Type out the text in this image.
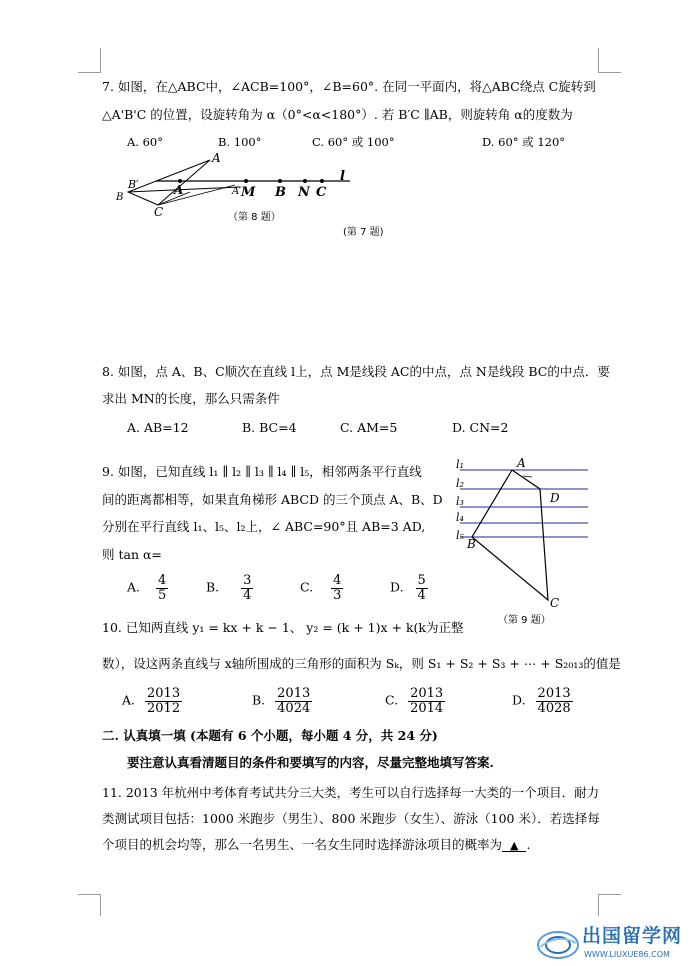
7. 如图，在△ABC中，∠ACB=100°，∠B=60°. 在同一平面内，将△ABC绕点 C旋转到
△A'B'C 的位置，设旋转角为 α（0°<α<180°）. 若 B′C ∥AB，则旋转角 α的度数为
A. 60°	B. 100°	C. 60° 或 100°	D. 60° 或 120°
A
B′
B
C
A	A′ M B N C
l
（第 8 题）
(第 7 题)
8. 如图，点 A、B、C顺次在直线 l上，点 M是线段 AC的中点，点 N是线段 BC的中点．要
求出 MN的长度，那么只需条件
A. AB=12	B. BC=4	C. AM=5	D. CN=2
9. 如图，已知直线 l₁ ∥ l₂ ∥ l₃ ∥ l₄ ∥ l₅，相邻两条平行直线
间的距离都相等，如果直角梯形 ABCD 的三个顶点 A、B、D
分别在平行直线 l₁、l₅、l₂上，∠ ABC=90°且 AB=3 AD,
则 tan α=
A. $\frac{4}{5}$	B. $\frac{3}{4}$	C. $\frac{4}{3}$	D. $\frac{5}{4}$
l₁
l₂
l₃
l₄
l₅
A
D
B
C
（第 9 题）
10. 已知两直线 y₁ = kx + k − 1、 y₂ = (k + 1)x + k(k为正整
数），设这两条直线与 x轴所围成的三角形的面积为 Sₖ，则 S₁ + S₂ + S₃ + ⋯ + S₂₀₁₃的值是
A. $\frac{2013}{2012}$	B. $\frac{2013}{4024}$	C. $\frac{2013}{2014}$	D. $\frac{2013}{4028}$
二. 认真填一填 (本题有 6 个小题，每小题 4 分，共 24 分)
要注意认真看清题目的条件和要填写的内容，尽量完整地填写答案.
11. 2013 年杭州中考体育考试共分三大类，考生可以自行选择每一大类的一个项目．耐力
类测试项目包括：1000 米跑步（男生）、800 米跑步（女生）、游泳（100 米）．若选择每
个项目的机会均等，那么一名男生、一名女生同时选择游泳项目的概率为 ▲ .
出国留学网
WWW.LIUXUE86.COM
